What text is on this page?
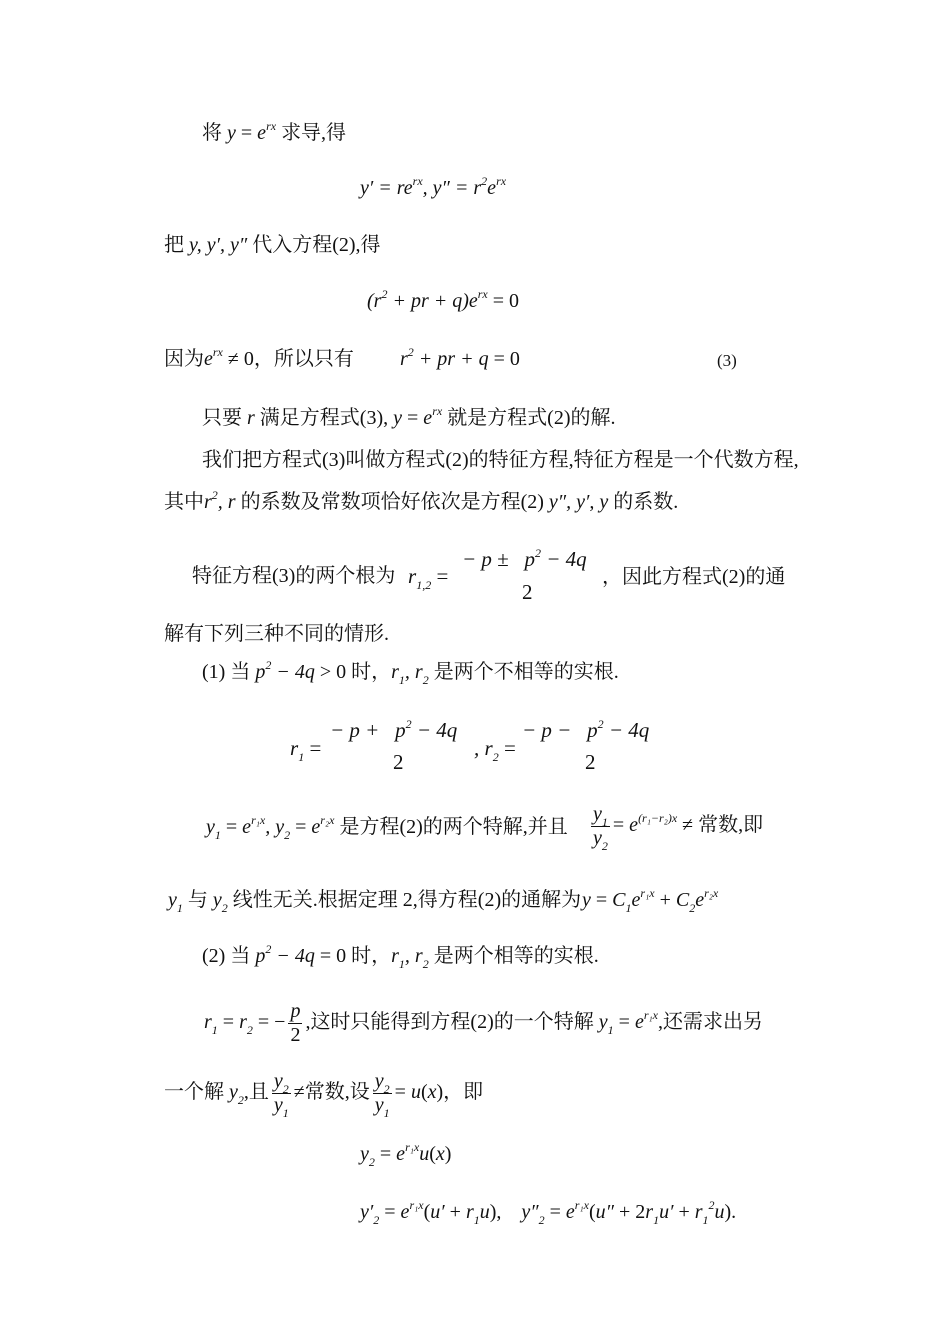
将 $y = e^{rx}$ 求导,得
$y' = re^{rx}$, $y'' = r^2e^{rx}$
把 y, y′, y″ 代入方程(2),得
($r^2$ + pr + $q)e^{rx} = 0$
因为$e^{rx} \ne 0$，所以只有 $r^2$ + pr + q = 0	(3)
只要 r 满足方程式(3), $y = e^{rx}$ 就是方程式(2)的解.
我们把方程式(3)叫做方程式(2)的特征方程,特征方程是一个代数方程,
其中$r^2$, r 的系数及常数项恰好依次是方程(2) y″, y′, y 的系数.
特征方程(3)的两个根为 $r_{1,2}$ =
− $p \pm p^2 - 4q$
2
，因此方程式(2)的通
解有下列三种不同的情形.
(1) 当 $p^2 - 4q > 0$ 时，$r_1$, $r_2$ 是两个不相等的实根.
$r_1$ =
− $p + p^2 - 4q$
2
, $r_2$ =
− $p - p^2 - 4q$
2
$y_1 = e^{r_1x}$, $y_2 = e^{r_2x}$ 是方程(2)的两个特解,并且 $\frac{y_1}{y_2} = e^{(r_1-r_2)x}$ ≠ 常数,即
$y_1$ 与 $y_2$ 线性无关.根据定理 2,得方程(2)的通解为 $y = C_1e^{r_1x} + C_2e^{r_2x}$
(2) 当 $p^2 - 4q = 0$ 时，$r_1$, $r_2$ 是两个相等的实根.
$r_1 = r_2$ = − $\frac{p}{2}$ ,这时只能得到方程(2)的一个特解 $y_1 = e^{r_1x}$,还需求出另
一个解 $y_2$,且 $\frac{y_2}{y_1}$ ≠常数,设 $\frac{y_2}{y_1} = u(x)$，即
$y_2 = e^{r_1x}u(x)$
$y'_2 = e^{r_1x}(u' + r_1u)$,    $y''_2 = e^{r_1x}(u'' + 2r_1u' + r_1^2u)$.
